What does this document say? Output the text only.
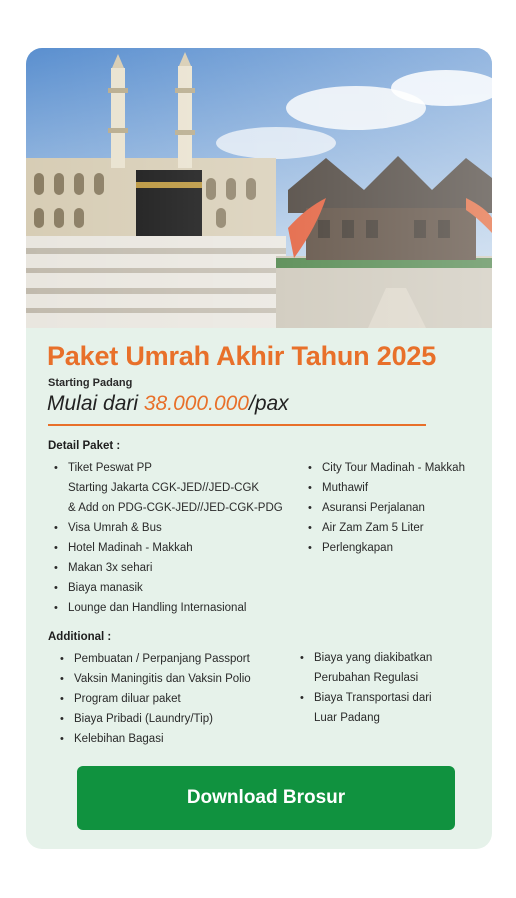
Paket Umrah Akhir Tahun 2025
Starting Padang
Mulai dari 38.000.000/pax
Detail Paket :
• Tiket Peswat PP
Starting Jakarta CGK-JED//JED-CGK
& Add on PDG-CGK-JED//JED-CGK-PDG
• Visa Umrah & Bus
• Hotel Madinah - Makkah
• Makan 3x sehari
• Biaya manasik
• Lounge dan Handling Internasional
• City Tour Madinah - Makkah
• Muthawif
• Asuransi Perjalanan
• Air Zam Zam 5 Liter
• Perlengkapan
Additional :
• Pembuatan / Perpanjang Passport
• Vaksin Maningitis dan Vaksin Polio
• Program diluar paket
• Biaya Pribadi (Laundry/Tip)
• Kelebihan Bagasi
• Biaya yang diakibatkan
Perubahan Regulasi
• Biaya Transportasi dari
Luar Padang
Download Brosur
